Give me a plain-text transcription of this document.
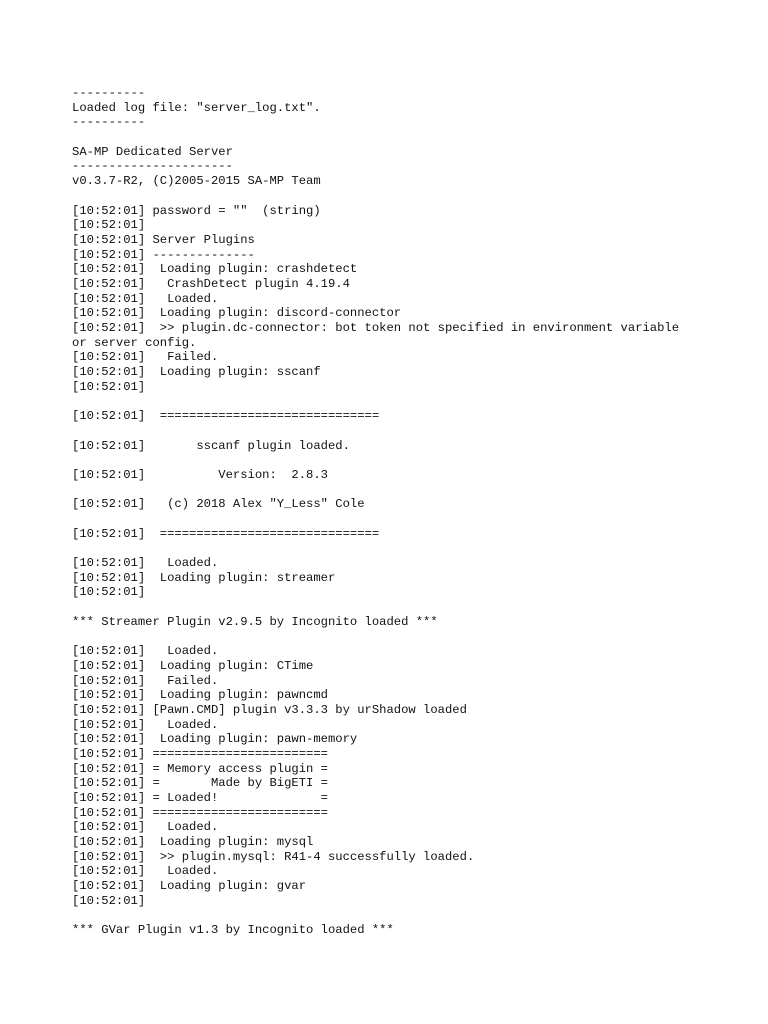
----------
Loaded log file: "server_log.txt".
----------
SA-MP Dedicated Server
----------------------
v0.3.7-R2, (C)2005-2015 SA-MP Team
[10:52:01] password = ""  (string)
[10:52:01]
[10:52:01] Server Plugins
[10:52:01] --------------
[10:52:01]  Loading plugin: crashdetect
[10:52:01]   CrashDetect plugin 4.19.4
[10:52:01]   Loaded.
[10:52:01]  Loading plugin: discord-connector
[10:52:01]  >> plugin.dc-connector: bot token not specified in environment variable
or server config.
[10:52:01]   Failed.
[10:52:01]  Loading plugin: sscanf
[10:52:01]
[10:52:01]  ==============================
[10:52:01]       sscanf plugin loaded.
[10:52:01]          Version:  2.8.3
[10:52:01]   (c) 2018 Alex "Y_Less" Cole
[10:52:01]  ==============================
[10:52:01]   Loaded.
[10:52:01]  Loading plugin: streamer
[10:52:01]
*** Streamer Plugin v2.9.5 by Incognito loaded ***
[10:52:01]   Loaded.
[10:52:01]  Loading plugin: CTime
[10:52:01]   Failed.
[10:52:01]  Loading plugin: pawncmd
[10:52:01] [Pawn.CMD] plugin v3.3.3 by urShadow loaded
[10:52:01]   Loaded.
[10:52:01]  Loading plugin: pawn-memory
[10:52:01] ========================
[10:52:01] = Memory access plugin =
[10:52:01] =       Made by BigETI =
[10:52:01] = Loaded!              =
[10:52:01] ========================
[10:52:01]   Loaded.
[10:52:01]  Loading plugin: mysql
[10:52:01]  >> plugin.mysql: R41-4 successfully loaded.
[10:52:01]   Loaded.
[10:52:01]  Loading plugin: gvar
[10:52:01]
*** GVar Plugin v1.3 by Incognito loaded ***
